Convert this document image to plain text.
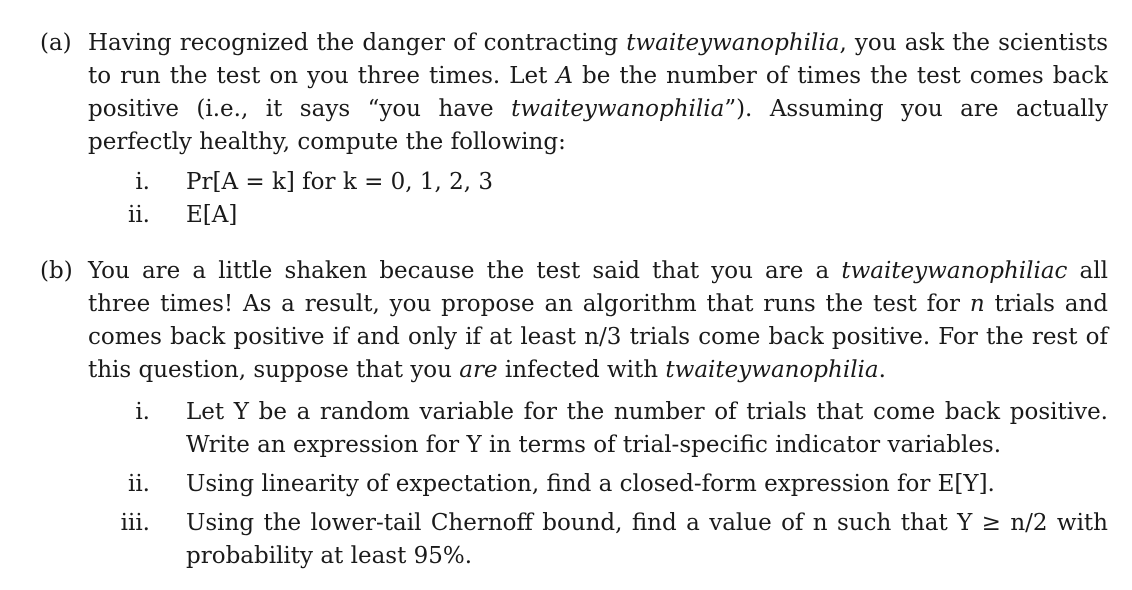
(a) Having recognized the danger of contracting twaiteywanophilia, you ask the scientists to run the test on you three times. Let A be the number of times the test comes back positive (i.e., it says “you have twaiteywanophilia”). Assuming you are actually perfectly healthy, compute the following:
i. Pr[A = k] for k = 0, 1, 2, 3
ii. E[A]
(b) You are a little shaken because the test said that you are a twaiteywanophiliac all three times! As a result, you propose an algorithm that runs the test for n trials and comes back positive if and only if at least n/3 trials come back positive. For the rest of this question, suppose that you are infected with twaiteywanophilia.
i. Let Y be a random variable for the number of trials that come back positive. Write an expression for Y in terms of trial-specific indicator variables.
ii. Using linearity of expectation, find a closed-form expression for E[Y].
iii. Using the lower-tail Chernoff bound, find a value of n such that Y ≥ n/2 with probability at least 95%.
